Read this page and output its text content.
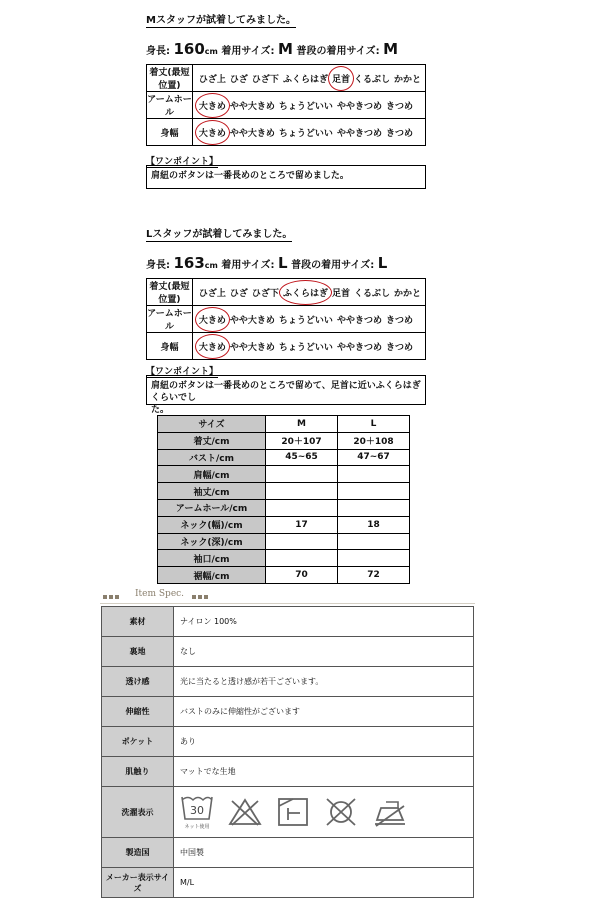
Mスタッフが試着してみました。
身長: 160cm 着用サイズ: M 普段の着用サイズ: M
着丈(最短位置)	ひざ上 ひざ ひざ下 ふくらはぎ 足首 くるぶし かかと
アームホール	大きめ やや大きめ ちょうどいい ややきつめ きつめ
身幅	大きめ やや大きめ ちょうどいい ややきつめ きつめ
【ワンポイント】
肩紐のボタンは一番長めのところで留めました。
Lスタッフが試着してみました。
身長: 163cm 着用サイズ: L 普段の着用サイズ: L
着丈(最短位置)	ひざ上 ひざ ひざ下 ふくらはぎ 足首 くるぶし かかと
アームホール	大きめ やや大きめ ちょうどいい ややきつめ きつめ
身幅	大きめ やや大きめ ちょうどいい ややきつめ きつめ
【ワンポイント】
肩紐のボタンは一番長めのところで留めて、足首に近いふくらはぎくらいでし
た。
サイズ	M	L
着丈/cm	20＋107	20＋108
バスト/cm	45~65	47~67
肩幅/cm		
袖丈/cm		
アームホール/cm		
ネック(幅)/cm	17	18
ネック(深)/cm		
袖口/cm		
裾幅/cm	70	72
Item Spec.
素材	ナイロン 100%
裏地	なし
透け感	光に当たると透け感が若干ございます。
伸縮性	バストのみに伸縮性がございます
ポケット	あり
肌触り	マットでな生地
洗濯表示	30
ネット使用

製造国	中国製
メーカー表示サイズ	M/L
